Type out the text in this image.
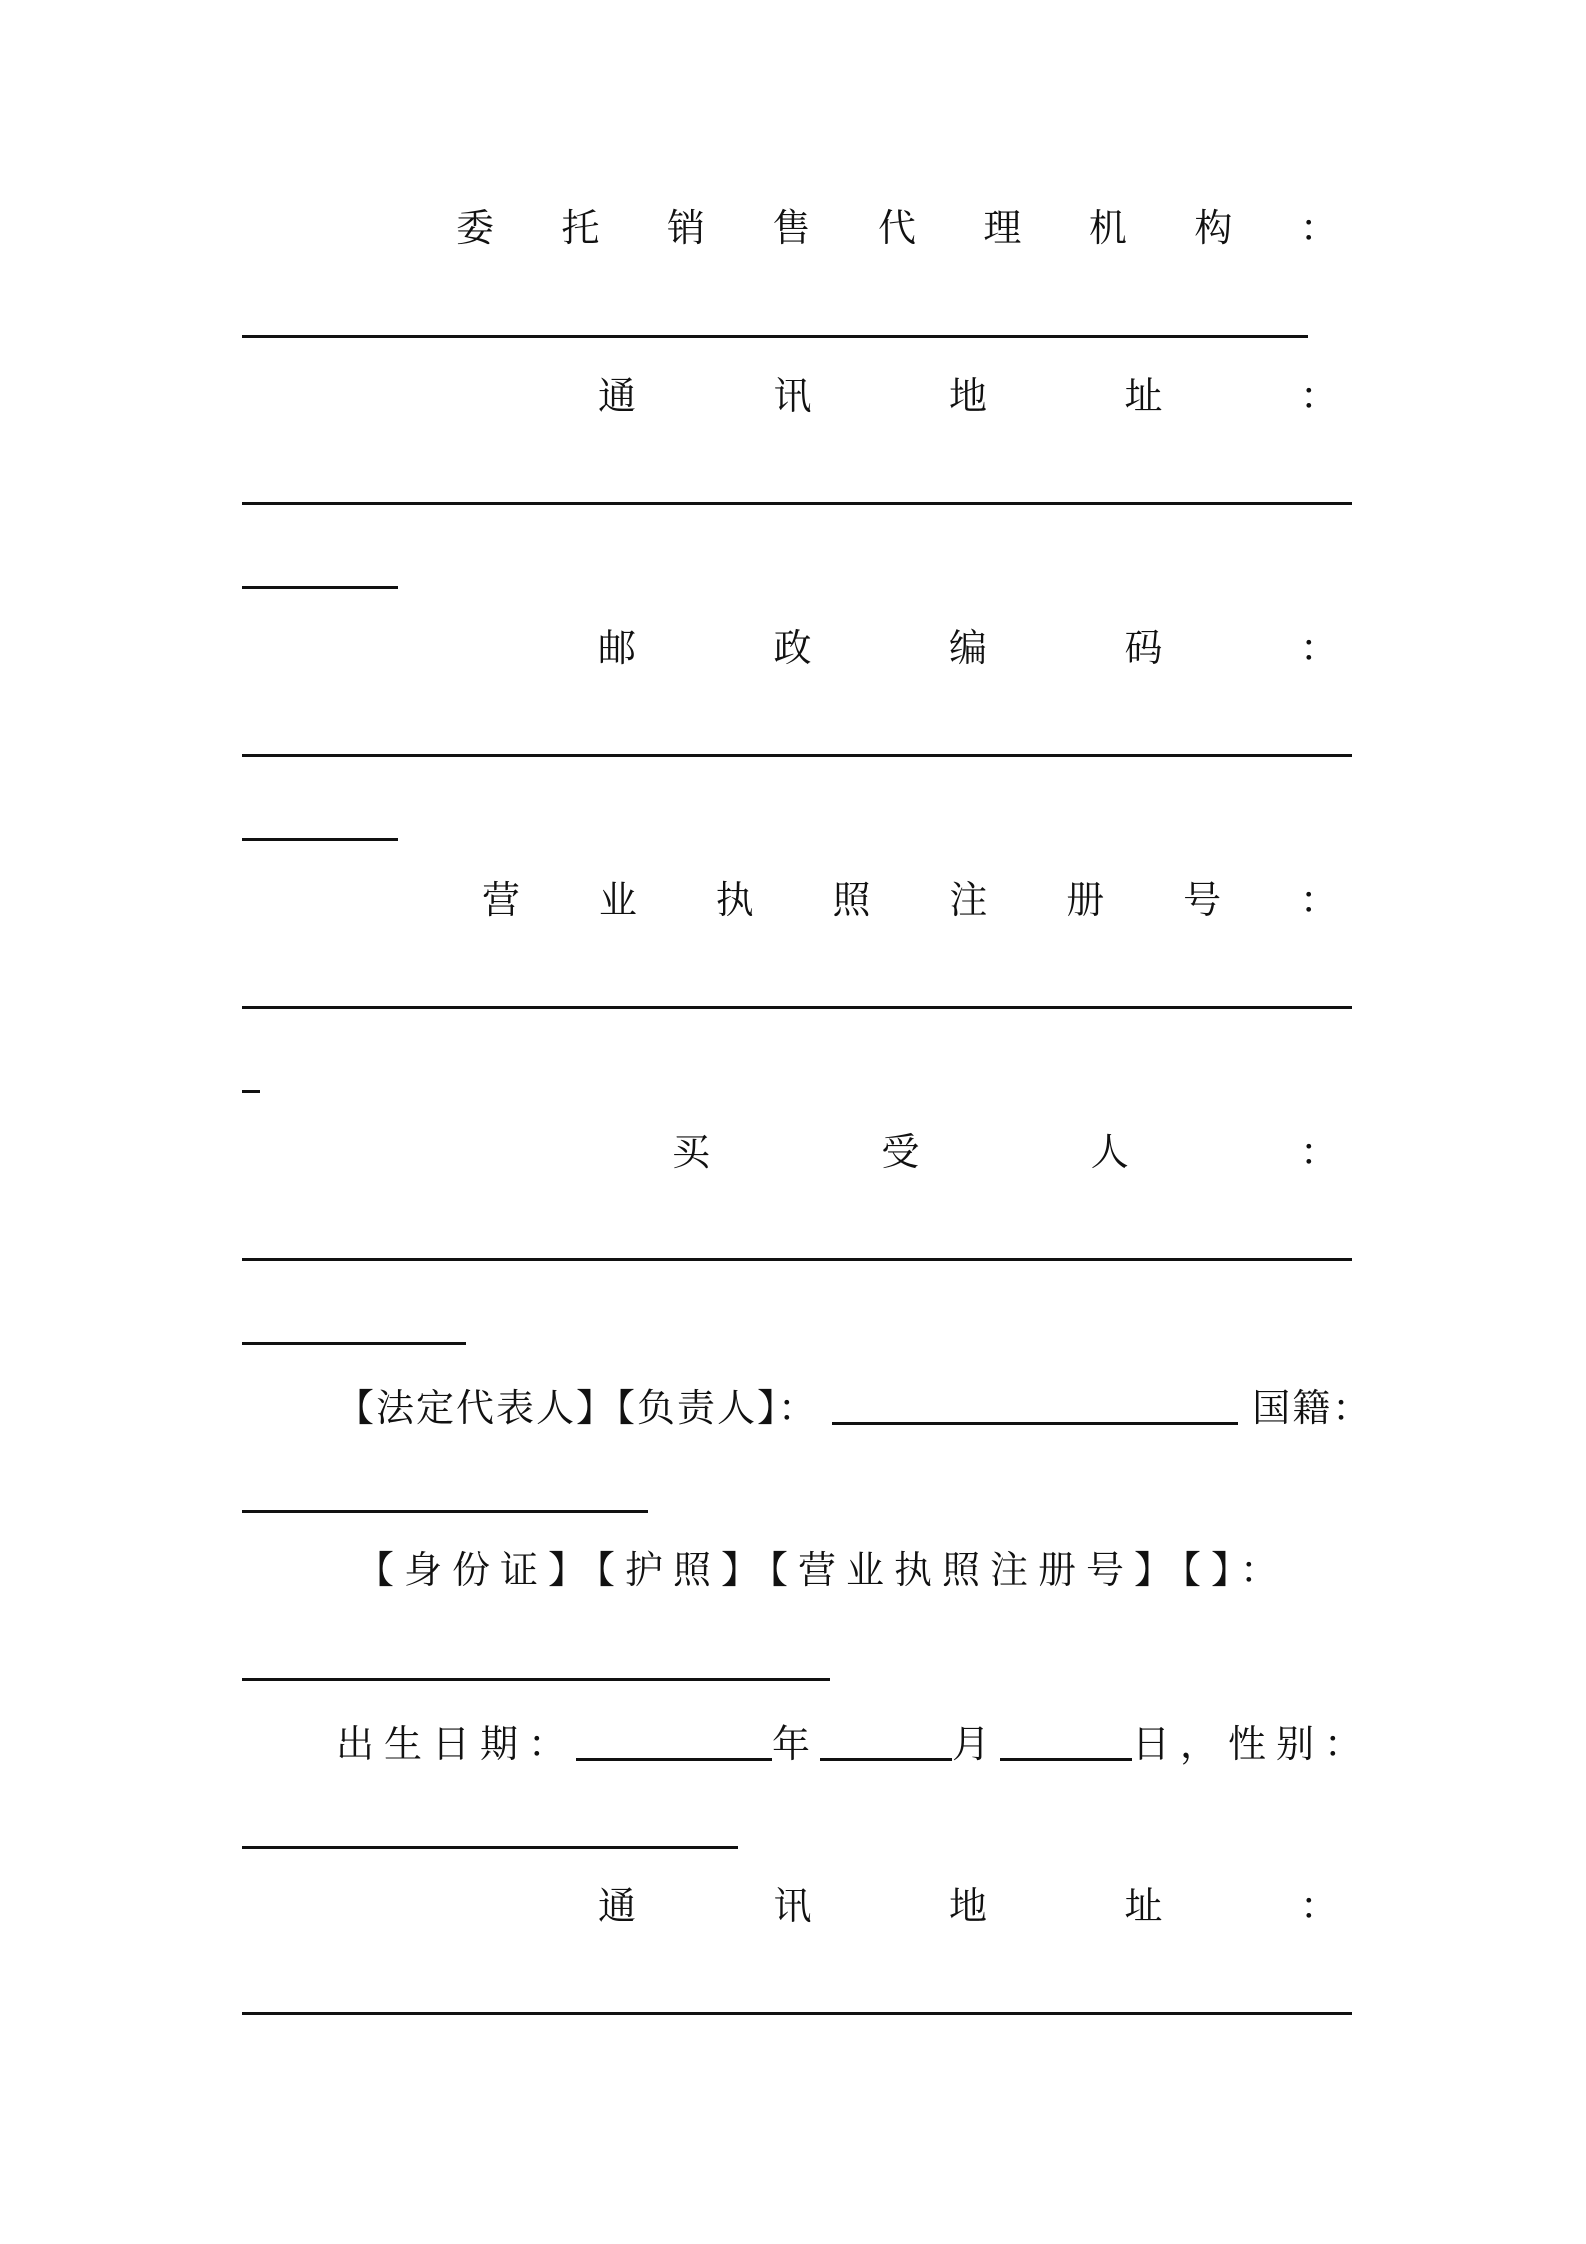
委 托 销 售 代 理 机 构 ：
通	讯	地	址	：
邮	政	编	码	：
营 业 执 照 注 册 号 ：
买	受	人	：
【法定代表人】【负责人】：	国籍：
【身份证】【护照】【营业执照注册号】【】：
出生日期：	年	月	日，性别：
通	讯	地	址	：
